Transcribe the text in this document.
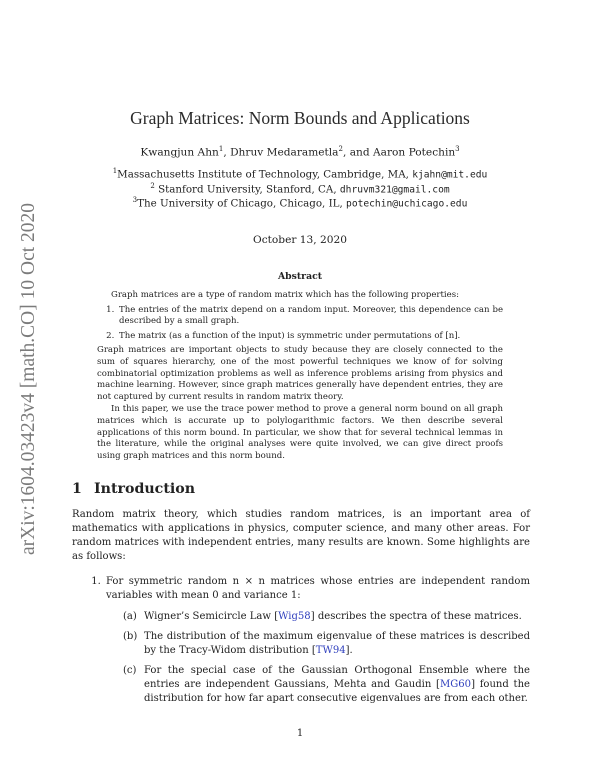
arXiv:1604.03423v4 [math.CO] 10 Oct 2020
Graph Matrices: Norm Bounds and Applications
Kwangjun Ahn$^1$, Dhruv Medarametla$^2$, and Aaron Potechin$^3$
$^1$Massachusetts Institute of Technology, Cambridge, MA, kjahn@mit.edu
$^2$ Stanford University, Stanford, CA, dhruvm321@gmail.com
$^3$The University of Chicago, Chicago, IL, potechin@uchicago.edu
October 13, 2020
Abstract

Graph matrices are a type of random matrix which has the following properties:

1. The entries of the matrix depend on a random input. Moreover, this dependence can be described by a small graph.
2. The matrix (as a function of the input) is symmetric under permutations of [n].

Graph matrices are important objects to study because they are closely connected to the sum of squares hierarchy, one of the most powerful techniques we know of for solving combinatorial optimization problems as well as inference problems arising from physics and machine learning. However, since graph matrices generally have dependent entries, they are not captured by current results in random matrix theory.

In this paper, we use the trace power method to prove a general norm bound on all graph matrices which is accurate up to polylogarithmic factors. We then describe several applications of this norm bound. In particular, we show that for several technical lemmas in the literature, while the original analyses were quite involved, we can give direct proofs using graph matrices and this norm bound.

1 Introduction

Random matrix theory, which studies random matrices, is an important area of mathematics with applications in physics, computer science, and many other areas. For random matrices with independent entries, many results are known. Some highlights are as follows:

1. For symmetric random n × n matrices whose entries are independent random variables with mean 0 and variance 1:
(a) Wigner’s Semicircle Law [Wig58] describes the spectra of these matrices.
(b) The distribution of the maximum eigenvalue of these matrices is described by the Tracy-Widom distribution [TW94].
(c) For the special case of the Gaussian Orthogonal Ensemble where the entries are independent Gaussians, Mehta and Gaudin [MG60] found the distribution for how far apart consecutive eigenvalues are from each other.
1
